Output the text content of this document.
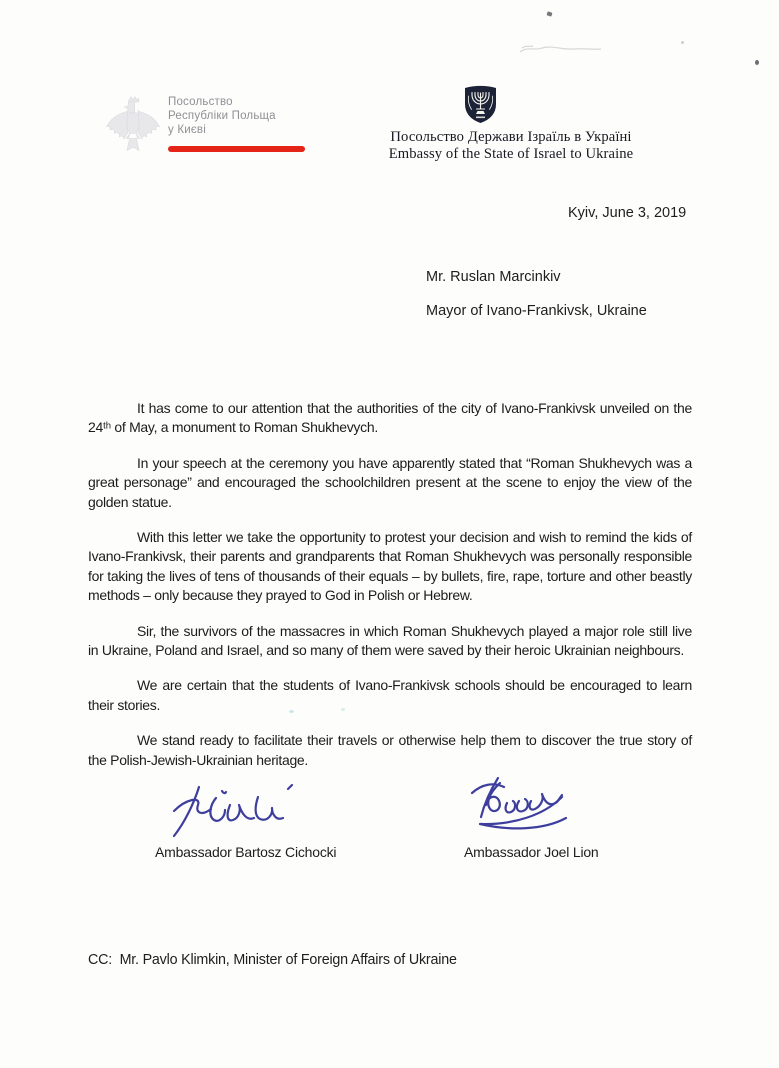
Посольство
Республіки Польща
у Києві	Посольство Держави Ізраїль в Україні
Embassy of the State of Israel to Ukraine
Kyiv, June 3, 2019
Mr. Ruslan Marcinkiv
Mayor of Ivano-Frankivsk, Ukraine

It has come to our attention that the authorities of the city of Ivano-Frankivsk unveiled on the 24ᵗʰ of May, a monument to Roman Shukhevych.

In your speech at the ceremony you have apparently stated that “Roman Shukhevych was a great personage” and encouraged the schoolchildren present at the scene to enjoy the view of the golden statue.

With this letter we take the opportunity to protest your decision and wish to remind the kids of Ivano-Frankivsk, their parents and grandparents that Roman Shukhevych was personally responsible for taking the lives of tens of thousands of their equals – by bullets, fire, rape, torture and other beastly methods – only because they prayed to God in Polish or Hebrew.

Sir, the survivors of the massacres in which Roman Shukhevych played a major role still live in Ukraine, Poland and Israel, and so many of them were saved by their heroic Ukrainian neighbours.

We are certain that the students of Ivano-Frankivsk schools should be encouraged to learn their stories.

We stand ready to facilitate their travels or otherwise help them to discover the true story of the Polish-Jewish-Ukrainian heritage.

Ambassador Bartosz Cichocki	Ambassador Joel Lion
CC:  Mr. Pavlo Klimkin, Minister of Foreign Affairs of Ukraine
